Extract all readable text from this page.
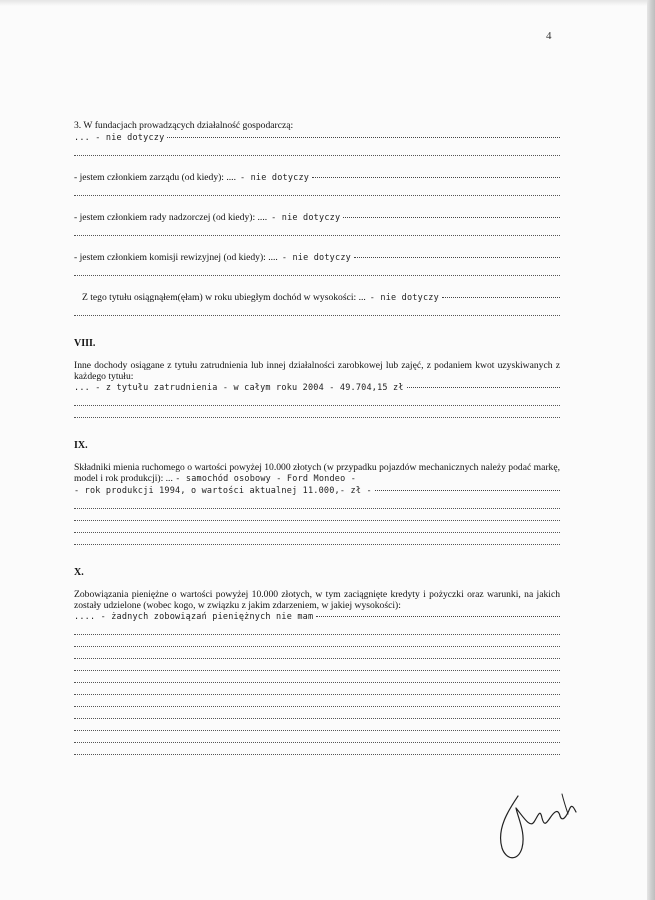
4
3. W fundacjach prowadzących działalność gospodarczą:
... - nie dotyczy
- jestem członkiem zarządu (od kiedy): .... - nie dotyczy
- jestem członkiem rady nadzorczej (od kiedy): .... - nie dotyczy
- jestem członkiem komisji rewizyjnej (od kiedy): .... - nie dotyczy
Z tego tytułu osiągnąłem(ęłam) w roku ubiegłym dochód w wysokości: ... - nie dotyczy
VIII.
Inne dochody osiągane z tytułu zatrudnienia lub innej działalności zarobkowej lub zajęć, z podaniem kwot uzyskiwanych z każdego tytułu:
... - z tytułu zatrudnienia - w całym roku 2004 - 49.704,15 zł
IX.
Składniki mienia ruchomego o wartości powyżej 10.000 złotych (w przypadku pojazdów mechanicznych należy podać markę, model i rok produkcji): ... - samochód osobowy - Ford Mondeo -
- rok produkcji 1994, o wartości aktualnej 11.000,- zł -
X.
Zobowiązania pieniężne o wartości powyżej 10.000 złotych, w tym zaciągnięte kredyty i pożyczki oraz warunki, na jakich zostały udzielone (wobec kogo, w związku z jakim zdarzeniem, w jakiej wysokości):
.... - żadnych zobowiązań pieniężnych nie mam
